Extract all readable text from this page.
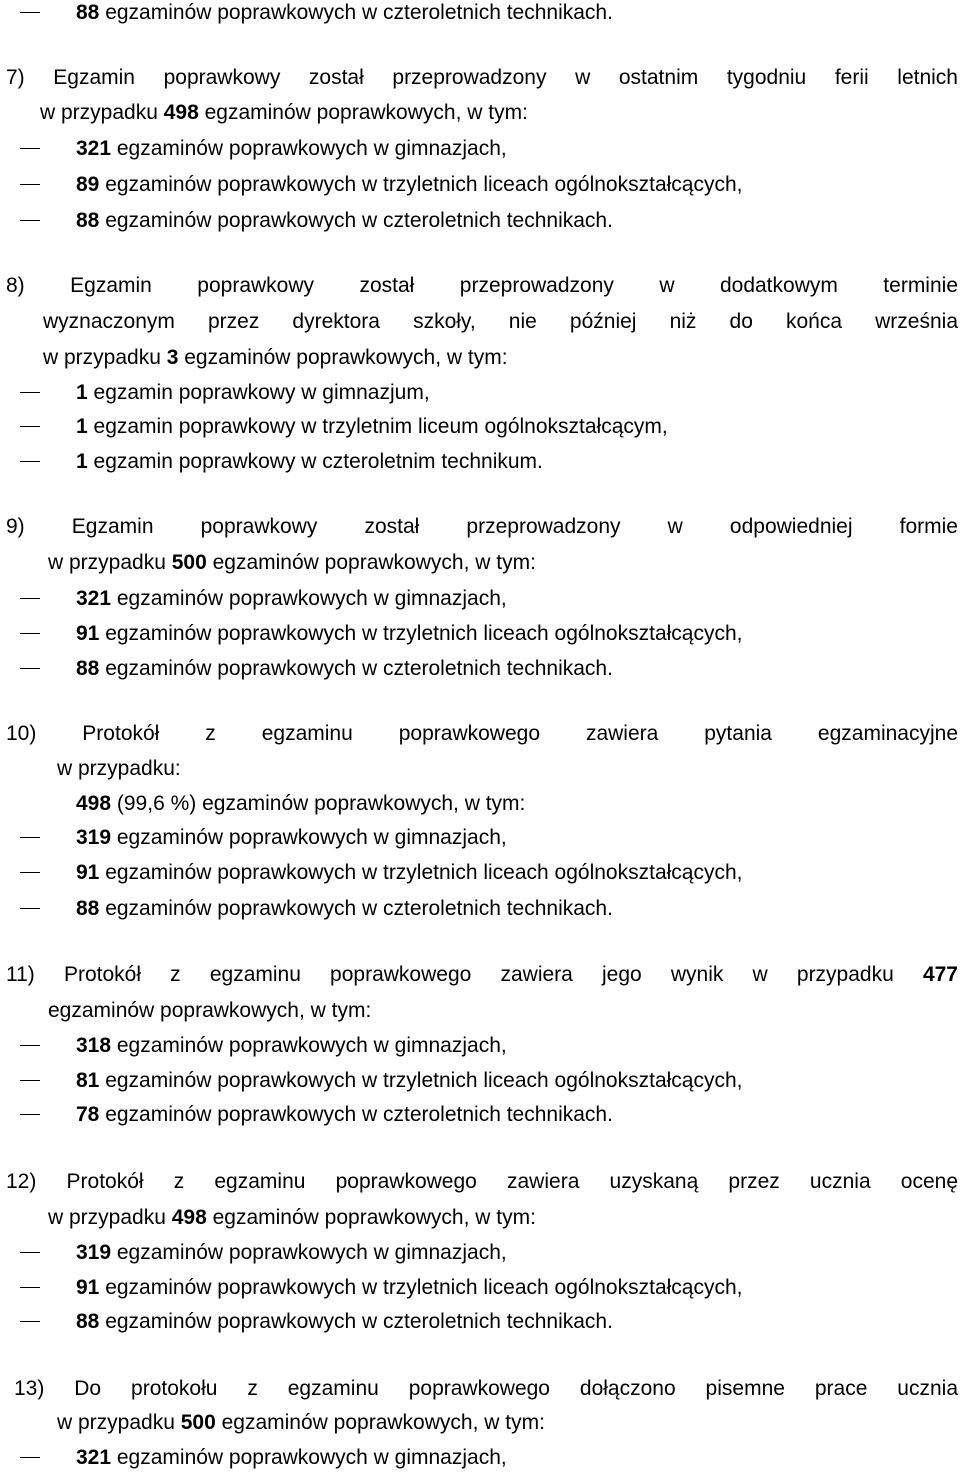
88 egzaminów poprawkowych w czteroletnich technikach.
7) Egzamin poprawkowy został przeprowadzony w ostatnim tygodniu ferii letnich
w przypadku 498 egzaminów poprawkowych, w tym:
321 egzaminów poprawkowych w gimnazjach,
89 egzaminów poprawkowych w trzyletnich liceach ogólnokształcących,
88 egzaminów poprawkowych w czteroletnich technikach.
8) Egzamin poprawkowy został przeprowadzony w dodatkowym terminie
wyznaczonym przez dyrektora szkoły, nie później niż do końca września
w przypadku 3 egzaminów poprawkowych, w tym:
1 egzamin poprawkowy w gimnazjum,
1 egzamin poprawkowy w trzyletnim liceum ogólnokształcącym,
1 egzamin poprawkowy w czteroletnim technikum.
9) Egzamin poprawkowy został przeprowadzony w odpowiedniej formie
w przypadku 500 egzaminów poprawkowych, w tym:
321 egzaminów poprawkowych w gimnazjach,
91 egzaminów poprawkowych w trzyletnich liceach ogólnokształcących,
88 egzaminów poprawkowych w czteroletnich technikach.
10) Protokół z egzaminu poprawkowego zawiera pytania egzaminacyjne
w przypadku:
498 (99,6 %) egzaminów poprawkowych, w tym:
319 egzaminów poprawkowych w gimnazjach,
91 egzaminów poprawkowych w trzyletnich liceach ogólnokształcących,
88 egzaminów poprawkowych w czteroletnich technikach.
11) Protokół z egzaminu poprawkowego zawiera jego wynik w przypadku 477
egzaminów poprawkowych, w tym:
318 egzaminów poprawkowych w gimnazjach,
81 egzaminów poprawkowych w trzyletnich liceach ogólnokształcących,
78 egzaminów poprawkowych w czteroletnich technikach.
12) Protokół z egzaminu poprawkowego zawiera uzyskaną przez ucznia ocenę
w przypadku 498 egzaminów poprawkowych, w tym:
319 egzaminów poprawkowych w gimnazjach,
91 egzaminów poprawkowych w trzyletnich liceach ogólnokształcących,
88 egzaminów poprawkowych w czteroletnich technikach.
13) Do protokołu z egzaminu poprawkowego dołączono pisemne prace ucznia
w przypadku 500 egzaminów poprawkowych, w tym:
321 egzaminów poprawkowych w gimnazjach,
